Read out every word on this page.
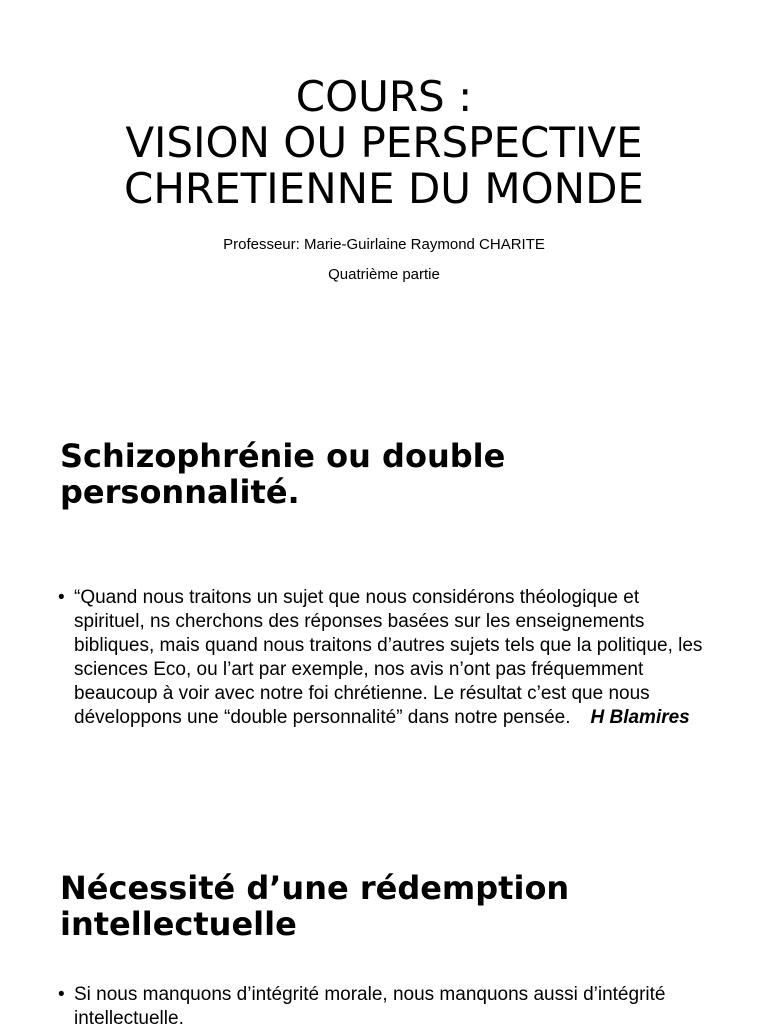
COURS :
VISION OU PERSPECTIVE
CHRETIENNE DU MONDE
Professeur: Marie-Guirlaine Raymond CHARITE
Quatrième partie
Schizophrénie ou double
personnalité.
• “Quand nous traitons un sujet que nous considérons théologique et spirituel, ns cherchons des réponses basées sur les enseignements bibliques, mais quand nous traitons d’autres sujets tels que la politique, les sciences Eco, ou l’art par exemple, nos avis n’ont pas fréquemment beaucoup à voir avec notre foi chrétienne. Le résultat c’est que nous développons une “double personnalité” dans notre pensée. H Blamires
Nécessité d’une rédemption
intellectuelle
• Si nous manquons d’intégrité morale, nous manquons aussi d’intégrité intellectuelle.
